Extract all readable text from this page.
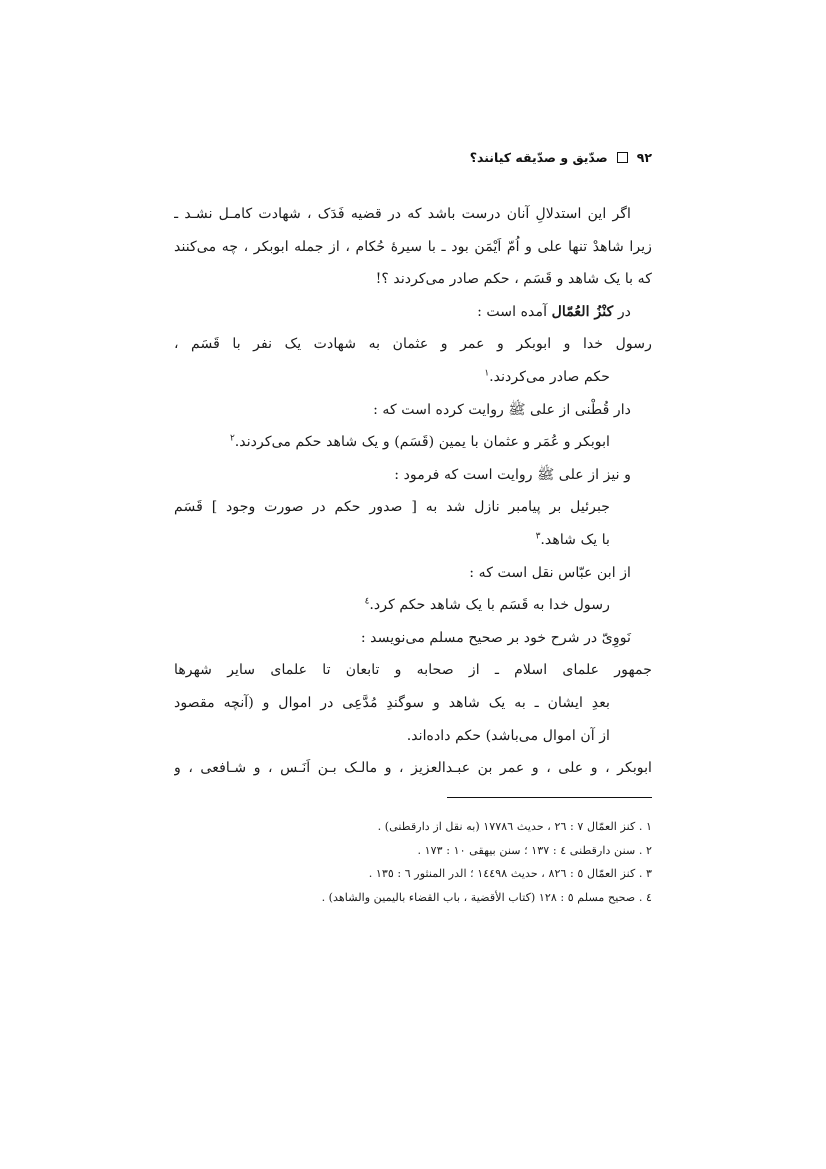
٩٢
صدّیق و صدّیقه کیانند؟
اگر این استدلالِ آنان درست باشد که در قضیه فَدَک ، شهادت کامـل نشـد ـ
زیرا شاهدْ تنها علی و اُمّ اَیْمَن بود ـ با سیرهٔ حُکام ، از جمله ابوبکر ، چه می‌کنند
که با یک شاهد و قَسَم ، حکم صادر می‌کردند ؟!
در کنْزُ العُمّال آمده است :
رسول خدا و ابوبکر و عمر و عثمان به شهادت یک نفر با قَسَم ،
حکم صادر می‌کردند.$^١$
دار قُطْنی از علی ﷺ روایت کرده است که :
ابوبکر و عُمَر و عثمان با یمین (قَسَم) و یک شاهد حکم می‌کردند.$^٢$
و نیز از علی ﷺ روایت است که فرمود :
جبرئیل بر پیامبر نازل شد به [ صدور حکم در صورت وجود ] قَسَم
با یک شاهد.$^٣$
از ابن عبّاس نقل است که :
رسول خدا به قَسَم با یک شاهد حکم کرد.$^٤$
نَووِیّ در شرح خود بر صحیح مسلم می‌نویسد :
جمهور علمای اسلام ـ از صحابه و تابعان تا علمای سایر شهرها
بعدِ ایشان ـ به یک شاهد و سوگندِ مُدَّعِی در اموال و (آنچه مقصود
از آن اموال می‌باشد) حکم داده‌اند.
ابوبکر ، و علی ، و عمر بن عبـدالعزیز ، و مالـک بـن اَنَـس ، و شـافعی ، و
١ . کنز العمّال ٧ : ٢٦ ، حدیث ١٧٧٨٦ (به نقل از دارقطنی) .
٢ . سنن دارقطنی ٤ : ١٣٧ ؛ سنن بیهقی ١٠ : ١٧٣ .
٣ . کنز العمّال ٥ : ٨٢٦ ، حدیث ١٤٤٩٨ ؛ الدر المنثور ٦ : ١٣٥ .
٤ . صحیح مسلم ٥ : ١٢٨ (کتاب الأقضیة ، باب القضاء بالیمین والشاهد) .
